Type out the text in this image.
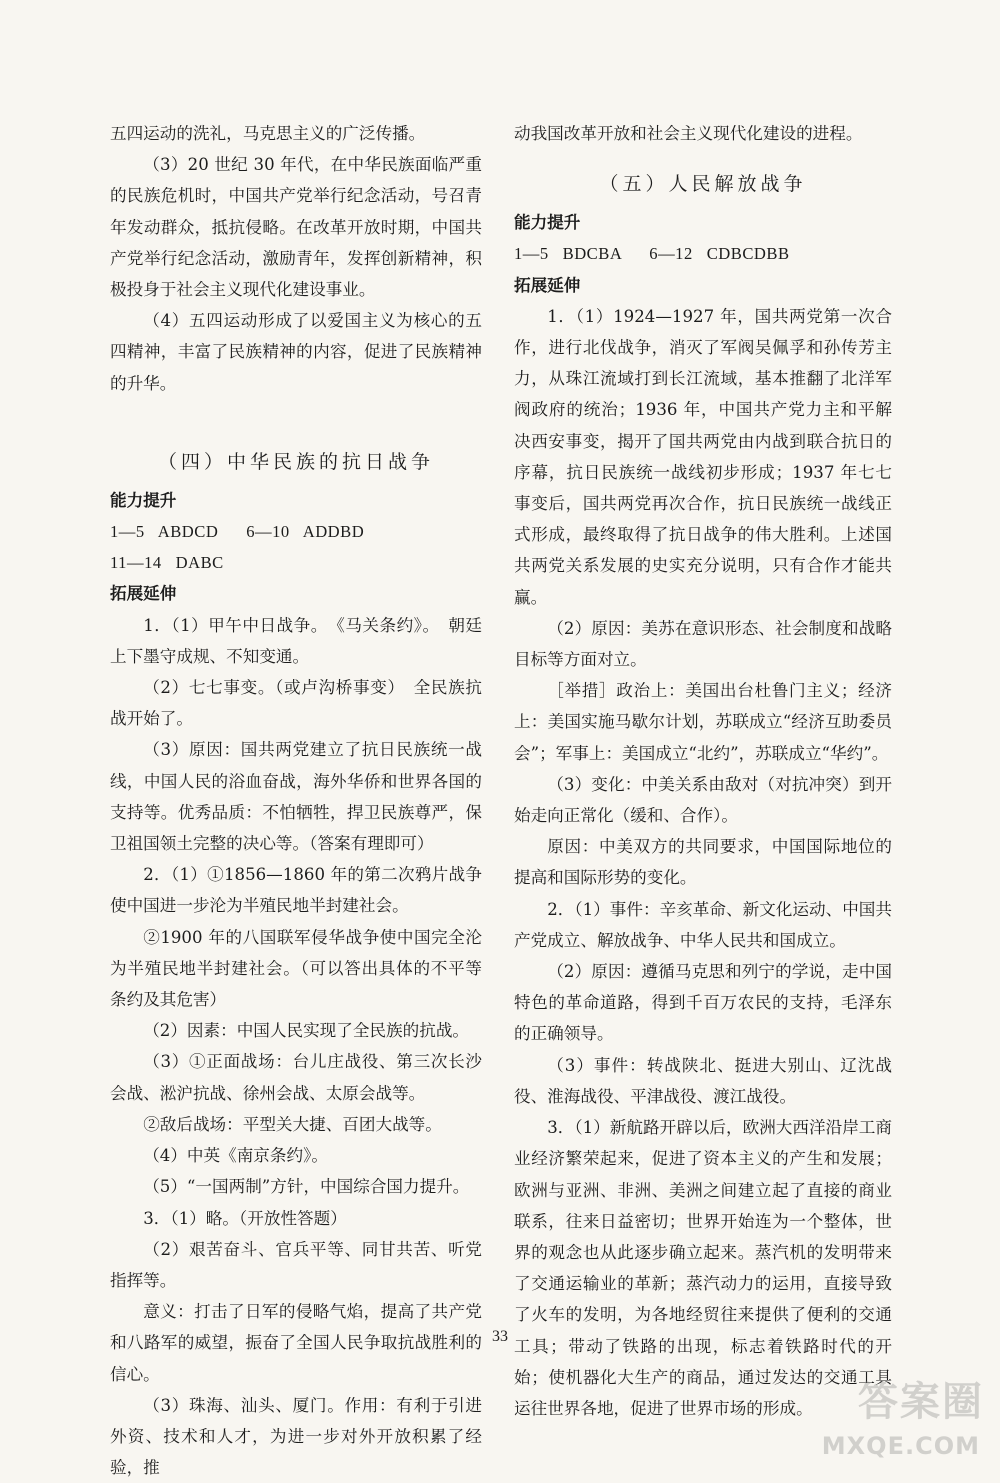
五四运动的洗礼，马克思主义的广泛传播。

（3）20 世纪 30 年代，在中华民族面临严重的民族危机时，中国共产党举行纪念活动，号召青年发动群众，抵抗侵略。在改革开放时期，中国共产党举行纪念活动，激励青年，发挥创新精神，积极投身于社会主义现代化建设事业。

（4）五四运动形成了以爱国主义为核心的五四精神，丰富了民族精神的内容，促进了民族精神的升华。

（四）中华民族的抗日战争

能力提升

1—5   ABDCD      6—10   ADDBD

11—14   DABC

拓展延伸

1．（1）甲午中日战争。　《马关条约》。　朝廷上下墨守成规、不知变通。

（2）七七事变。（或卢沟桥事变）　全民族抗战开始了。

（3）原因：国共两党建立了抗日民族统一战线，中国人民的浴血奋战，海外华侨和世界各国的支持等。优秀品质：不怕牺牲，捍卫民族尊严，保卫祖国领土完整的决心等。（答案有理即可）

2．（1）①1856—1860 年的第二次鸦片战争使中国进一步沦为半殖民地半封建社会。

②1900 年的八国联军侵华战争使中国完全沦为半殖民地半封建社会。（可以答出具体的不平等条约及其危害）

（2）因素：中国人民实现了全民族的抗战。

（3）①正面战场：台儿庄战役、第三次长沙会战、淞沪抗战、徐州会战、太原会战等。

②敌后战场：平型关大捷、百团大战等。

（4）中英《南京条约》。

（5）“一国两制”方针，中国综合国力提升。

3．（1）略。（开放性答题）

（2）艰苦奋斗、官兵平等、同甘共苦、听党指挥等。

意义：打击了日军的侵略气焰，提高了共产党和八路军的威望，振奋了全国人民争取抗战胜利的信心。

（3）珠海、汕头、厦门。作用：有利于引进外资、技术和人才，为进一步对外开放积累了经验，推

动我国改革开放和社会主义现代化建设的进程。

（五）人民解放战争

能力提升

1—5   BDCBA      6—12   CDBCDBB

拓展延伸

1．（1）1924—1927 年，国共两党第一次合作，进行北伐战争，消灭了军阀吴佩孚和孙传芳主力，从珠江流域打到长江流域，基本推翻了北洋军阀政府的统治；1936 年，中国共产党力主和平解决西安事变，揭开了国共两党由内战到联合抗日的序幕，抗日民族统一战线初步形成；1937 年七七事变后，国共两党再次合作，抗日民族统一战线正式形成，最终取得了抗日战争的伟大胜利。上述国共两党关系发展的史实充分说明，只有合作才能共赢。

（2）原因：美苏在意识形态、社会制度和战略目标等方面对立。

［举措］政治上：美国出台杜鲁门主义；经济上：美国实施马歇尔计划，苏联成立“经济互助委员会”；军事上：美国成立“北约”，苏联成立“华约”。

（3）变化：中美关系由敌对（对抗冲突）到开始走向正常化（缓和、合作）。

原因：中美双方的共同要求，中国国际地位的提高和国际形势的变化。

2．（1）事件：辛亥革命、新文化运动、中国共产党成立、解放战争、中华人民共和国成立。

（2）原因：遵循马克思和列宁的学说，走中国特色的革命道路，得到千百万农民的支持，毛泽东的正确领导。

（3）事件：转战陕北、挺进大别山、辽沈战役、淮海战役、平津战役、渡江战役。

3．（1）新航路开辟以后，欧洲大西洋沿岸工商业经济繁荣起来，促进了资本主义的产生和发展；欧洲与亚洲、非洲、美洲之间建立起了直接的商业联系，往来日益密切；世界开始连为一个整体，世界的观念也从此逐步确立起来。蒸汽机的发明带来了交通运输业的革新；蒸汽动力的运用，直接导致了火车的发明，为各地经贸往来提供了便利的交通工具；带动了铁路的出现，标志着铁路时代的开始；使机器化大生产的商品，通过发达的交通工具运往世界各地，促进了世界市场的形成。

33
答案圈
MXQE.COM
